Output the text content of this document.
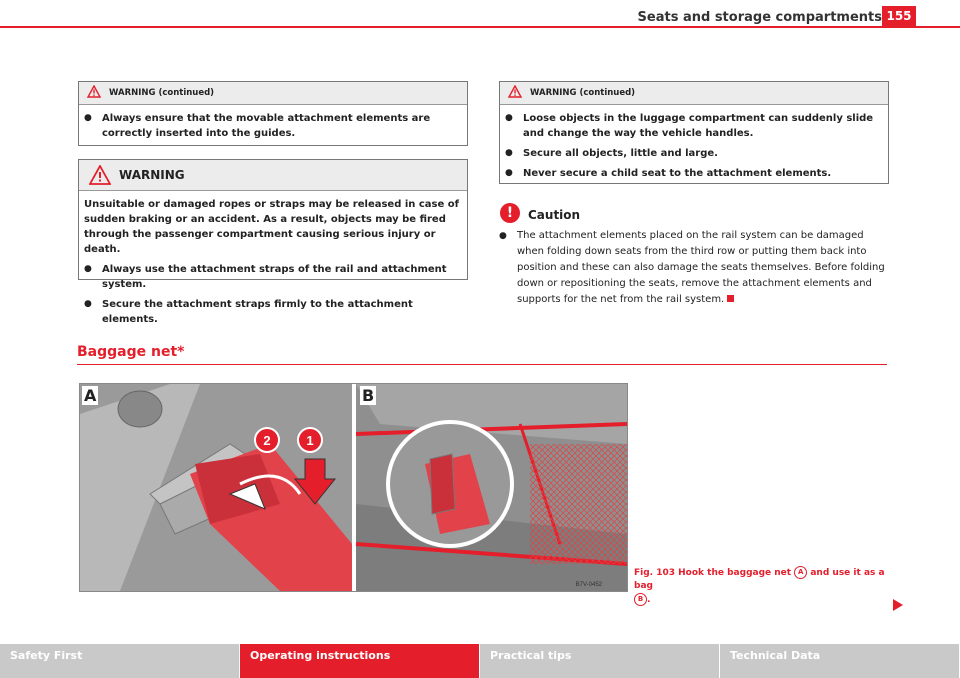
Seats and storage compartments 155
WARNING (continued)
● Always ensure that the movable attachment elements are correctly inserted into the guides.
WARNING
Unsuitable or damaged ropes or straps may be released in case of sudden braking or an accident. As a result, objects may be fired through the passenger compartment causing serious injury or death.
● Always use the attachment straps of the rail and attachment system.
● Secure the attachment straps firmly to the attachment elements.
WARNING (continued)
● Loose objects in the luggage compartment can suddenly slide and change the way the vehicle handles.
● Secure all objects, little and large.
● Never secure a child seat to the attachment elements.
!	Caution
● The attachment elements placed on the rail system can be damaged when folding down seats from the third row or putting them back into position and these can also damage the seats themselves. Before folding down or repositioning the seats, remove the attachment elements and supports for the net from the rail system.
Baggage net*
2	1
B7V-0452
A	B
Fig. 103 Hook the baggage net A and use it as a bag
B .
Safety First	Operating instructions	Practical tips	Technical Data
